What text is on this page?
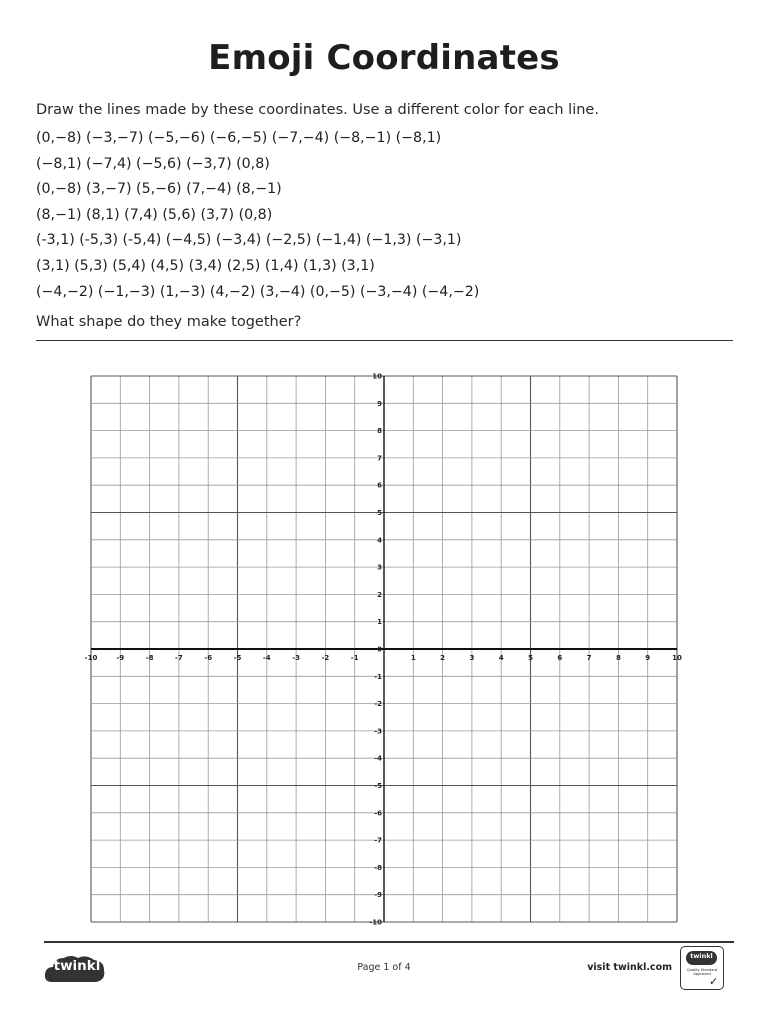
Emoji Coordinates
Draw the lines made by these coordinates. Use a different color for each line.
(0,−8) (−3,−7) (−5,−6) (−6,−5) (−7,−4) (−8,−1) (−8,1)
(−8,1) (−7,4) (−5,6) (−3,7) (0,8)
(0,−8) (3,−7) (5,−6) (7,−4) (8,−1)
(8,−1) (8,1) (7,4) (5,6) (3,7) (0,8)
(-3,1) (-5,3) (-5,4) (−4,5) (−3,4) (−2,5) (−1,4) (−1,3) (−3,1)
(3,1) (5,3) (5,4) (4,5) (3,4) (2,5) (1,4) (1,3) (3,1)
(−4,−2) (−1,−3) (1,−3) (4,−2) (3,−4) (0,−5) (−3,−4) (−4,−2)
What shape do they make together?
-10	-9	-8	-7	-6	-5	-4	-3	-2	-1	1	2	3	4	5	6	7	8	9	10
10
9
8
7
6
5
4
3
2
1
0
-1
-2
-3
-4
-5
-6
-7
-8
-9
-10
twinkl	Page 1 of 4	visit twinkl.com
twinkl
Quality Standard Approved
✓
